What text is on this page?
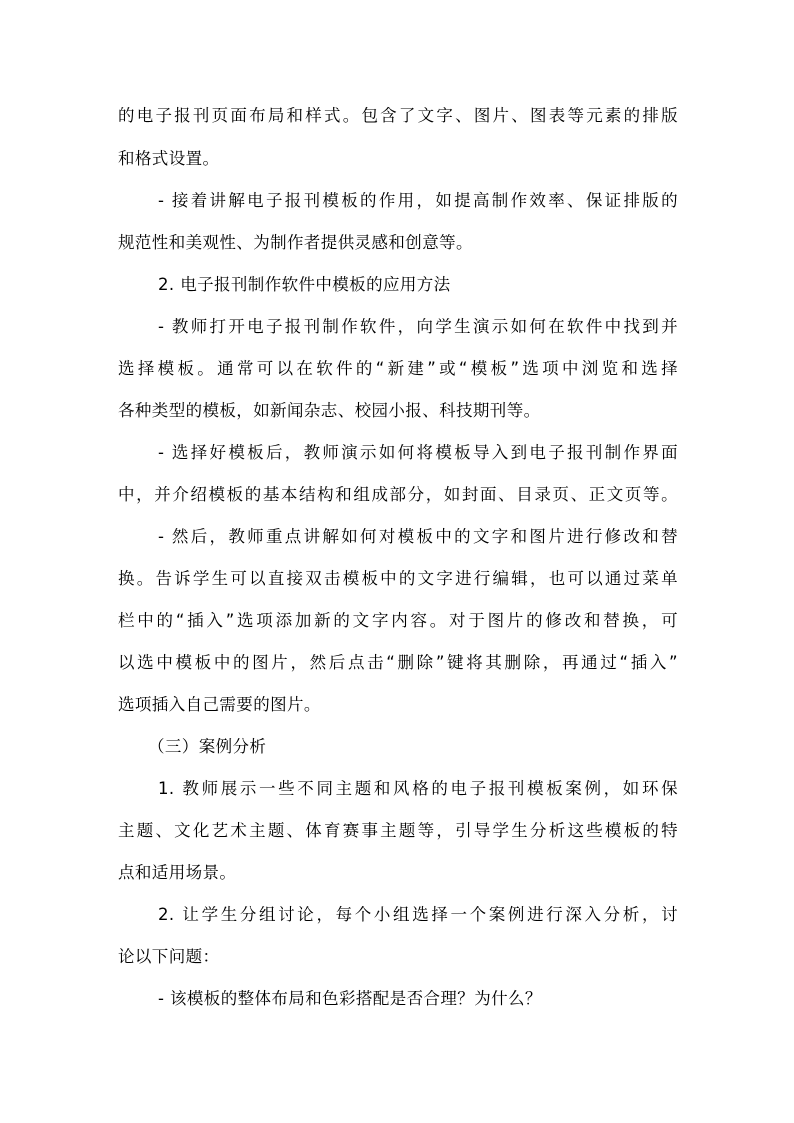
的电子报刊页面布局和样式。包含了文字、图片、图表等元素的排版
和格式设置。
- 接着讲解电子报刊模板的作用，如提高制作效率、保证排版的
规范性和美观性、为制作者提供灵感和创意等。
2. 电子报刊制作软件中模板的应用方法
- 教师打开电子报刊制作软件，向学生演示如何在软件中找到并
选择模板。通常可以在软件的“新建”或“模板”选项中浏览和选择
各种类型的模板，如新闻杂志、校园小报、科技期刊等。
- 选择好模板后，教师演示如何将模板导入到电子报刊制作界面
中，并介绍模板的基本结构和组成部分，如封面、目录页、正文页等。
- 然后，教师重点讲解如何对模板中的文字和图片进行修改和替
换。告诉学生可以直接双击模板中的文字进行编辑，也可以通过菜单
栏中的“插入”选项添加新的文字内容。对于图片的修改和替换，可
以选中模板中的图片，然后点击“删除”键将其删除，再通过“插入”
选项插入自己需要的图片。
（三）案例分析
1. 教师展示一些不同主题和风格的电子报刊模板案例，如环保
主题、文化艺术主题、体育赛事主题等，引导学生分析这些模板的特
点和适用场景。
2. 让学生分组讨论，每个小组选择一个案例进行深入分析，讨
论以下问题：
- 该模板的整体布局和色彩搭配是否合理？为什么？
